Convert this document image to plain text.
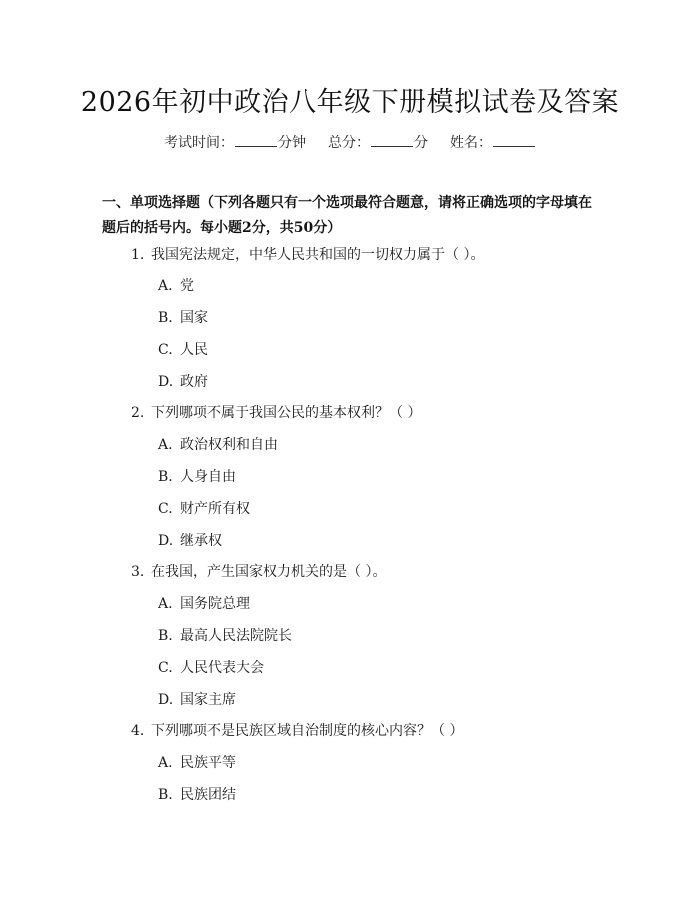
2026年初中政治八年级下册模拟试卷及答案
考试时间：	分钟 总分：	分 姓名：
一、单项选择题（下列各题只有一个选项最符合题意，请将正确选项的字母填在题后的括号内。每小题2分，共50分）
1. 我国宪法规定，中华人民共和国的一切权力属于（ ）。
A. 党
B. 国家
C. 人民
D. 政府
2. 下列哪项不属于我国公民的基本权利？（ ）
A. 政治权利和自由
B. 人身自由
C. 财产所有权
D. 继承权
3. 在我国，产生国家权力机关的是（ ）。
A. 国务院总理
B. 最高人民法院院长
C. 人民代表大会
D. 国家主席
4. 下列哪项不是民族区域自治制度的核心内容？（ ）
A. 民族平等
B. 民族团结
